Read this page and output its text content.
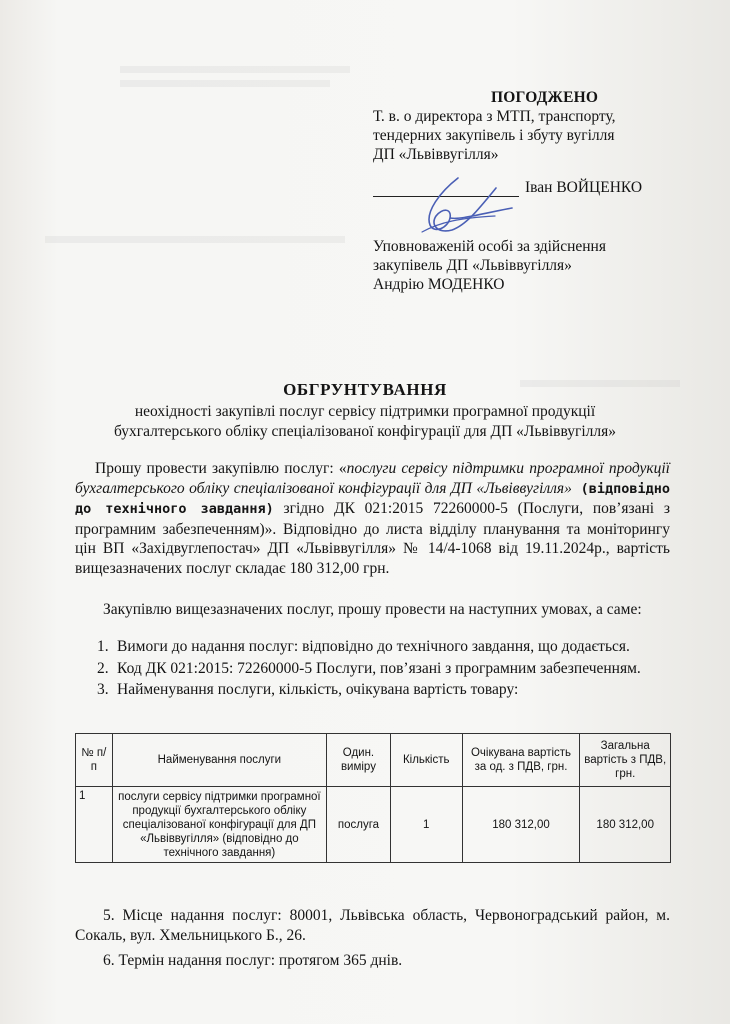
ПОГОДЖЕНО
Т. в. о директора з МТП, транспорту,
тендерних закупівель і збуту вугілля
ДП «Львіввугілля»
Іван ВОЙЦЕНКО
Уповноваженій особі за здійснення
закупівель ДП «Львіввугілля»
Андрію МОДЕНКО
ОБГРУНТУВАННЯ
неохідності закупівлі послуг сервісу підтримки програмної продукції
бухгалтерського обліку спеціалізованої конфігурації для ДП «Львіввугілля»
Прошу провести закупівлю послуг: «послуги сервісу підтримки програмної продукції бухгалтерського обліку спеціалізованої конфігурації для ДП «Львіввугілля» (відповідно до технічного завдання) згідно ДК 021:2015 72260000-5 (Послуги, пов’язані з програмним забезпеченням)». Відповідно до листа відділу планування та моніторингу цін ВП «Західвуглепостач» ДП «Львіввугілля» № 14/4-1068 від 19.11.2024р., вартість вищезазначених послуг складає 180 312,00 грн.
Закупівлю вищезазначених послуг, прошу провести на наступних умовах, а саме:
1. Вимоги до надання послуг: відповідно до технічного завдання, що додається.
2. Код ДК 021:2015: 72260000-5 Послуги, пов’язані з програмним забезпеченням.
3. Найменування послуги, кількість, очікувана вартість товару:
№ п/п	Найменування послуги	Один. виміру	Кількість	Очікувана вартість за од. з ПДВ, грн.	Загальна вартість з ПДВ, грн.
1	послуги сервісу підтримки програмної продукції бухгалтерського обліку спеціалізованої конфігурації для ДП «Львіввугілля» (відповідно до технічного завдання)	послуга	1	180 312,00	180 312,00
5. Місце надання послуг: 80001, Львівська область, Червоноградський район, м. Сокаль, вул. Хмельницького Б., 26.
6. Термін надання послуг: протягом 365 днів.
